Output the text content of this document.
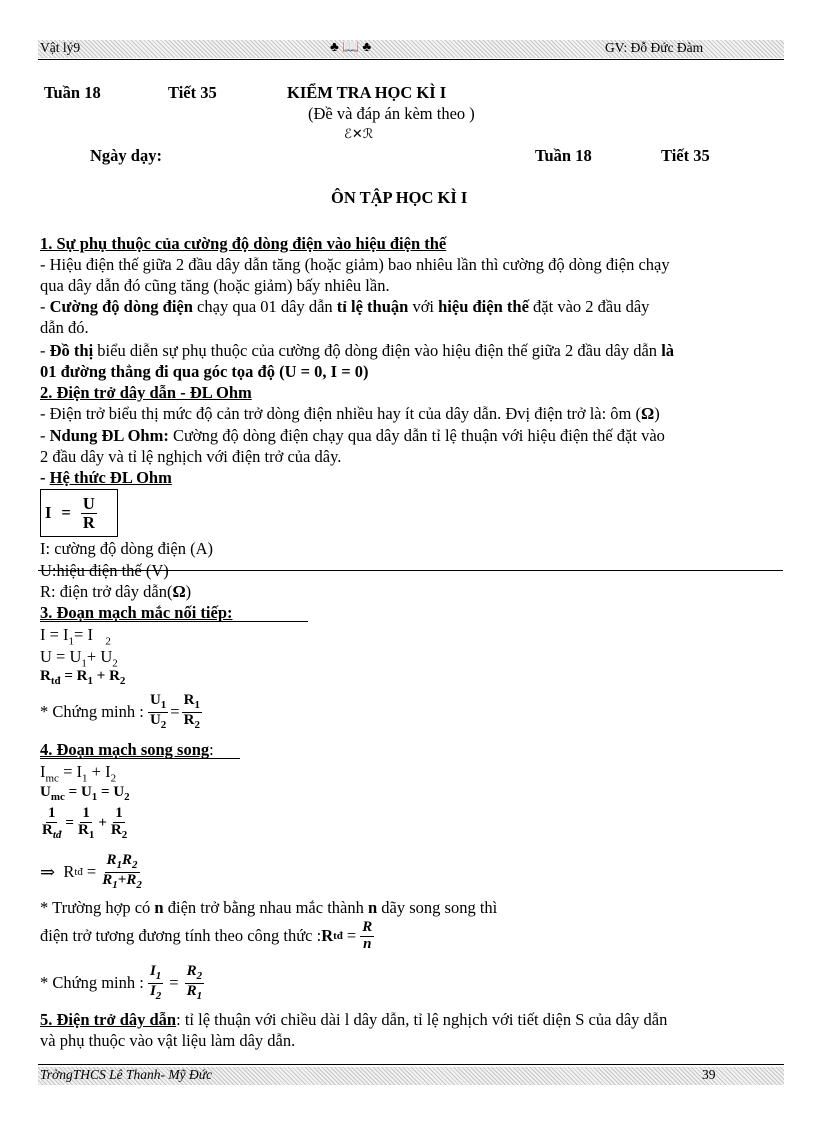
Vật lý9	♣ 📖 ♣	GV: Đỗ Đức Đàm
Tuần 18	Tiết 35	KIỂM TRA HỌC KÌ I
(Đề và đáp án kèm theo )
ℰ✕ℛ
Ngày dạy:	Tuần 18	Tiết 35
ÔN TẬP HỌC KÌ I
1. Sự phụ thuộc của cường độ dòng điện vào hiệu điện thế
- Hiệu điện thế giữa 2 đầu dây dẫn tăng (hoặc giảm) bao nhiêu lần thì cường độ dòng điện chạy
qua dây dẫn đó cũng tăng (hoặc giảm) bấy nhiêu lần.
- Cường độ dòng điện chạy qua 01 dây dẫn tỉ lệ thuận với hiệu điện thế đặt vào 2 đầu dây
dẫn đó.
- Đồ thị biểu diễn sự phụ thuộc của cường độ dòng điện vào hiệu điện thế giữa 2 đầu dây dẫn là
01 đường thẳng đi qua góc tọa độ (U = 0, I = 0)
2. Điện trở dây dẫn - ĐL Ohm
- Điện trở biểu thị mức độ cản trở dòng điện nhiều hay ít của dây dẫn. Đvị điện trở là: ôm (Ω)
- Ndung ĐL Ohm: Cường độ dòng điện chạy qua dây dẫn tỉ lệ thuận với hiệu điện thế đặt vào
2 đầu dây và tỉ lệ nghịch với điện trở của dây.
- Hệ thức ĐL Ohm
$I = \frac{U}{R}$
I: cường độ dòng điện (A)
U:hiệu điện thế (V)
R: điện trở dây dẫn(Ω)
3. Đoạn mạch mắc nối tiếp:
$I = I_1= I$ $_2$
$U = U_1+ U_2$
$R_{tđ} = R_1 + R_2$
* Chứng minh :
$\frac{U_1}{U_2} = \frac{R_1}{R_2}$
4. Đoạn mạch song song:
$I_{mc} = I_1 + I_2$
$U_{mc} = U_1 = U_2$
$\frac{1}{R_{tđ}} = \frac{1}{R_1} + \frac{1}{R_2}$
⇒
R tđ = $\frac{R_1R_2}{R_1+R_2}$
* Trường hợp có n điện trở bằng nhau mắc thành n dãy song song thì
điện trở tương đương tính theo công thức : R tđ = $\frac{R}{n}$
* Chứng minh :
$\frac{I_1}{I_2} = \frac{R_2}{R_1}$
5. Điện trở dây dẫn: tỉ lệ thuận với chiều dài l dây dẫn, tỉ lệ nghịch với tiết diện S của dây dẫn
và phụ thuộc vào vật liệu làm dây dẫn.
TrờngTHCS Lê Thanh- Mỹ Đức	39
